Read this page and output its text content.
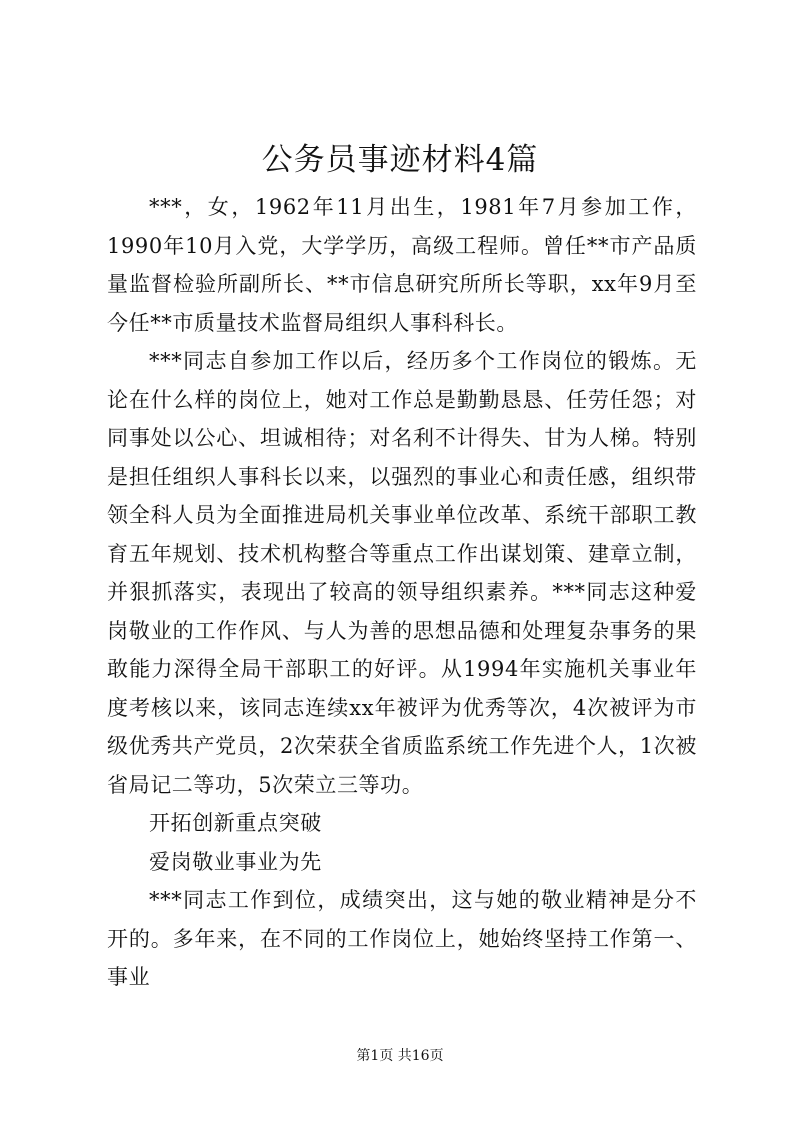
公务员事迹材料4篇

***，女，1962年11月出生，1981年7月参加工作，1990年10月入党，大学学历，高级工程师。曾任**市产品质量监督检验所副所长、**市信息研究所所长等职，xx年9月至今任**市质量技术监督局组织人事科科长。

***同志自参加工作以后，经历多个工作岗位的锻炼。无论在什么样的岗位上，她对工作总是勤勤恳恳、任劳任怨；对同事处以公心、坦诚相待；对名利不计得失、甘为人梯。特别是担任组织人事科长以来，以强烈的事业心和责任感，组织带领全科人员为全面推进局机关事业单位改革、系统干部职工教育五年规划、技术机构整合等重点工作出谋划策、建章立制，并狠抓落实，表现出了较高的领导组织素养。***同志这种爱岗敬业的工作作风、与人为善的思想品德和处理复杂事务的果敢能力深得全局干部职工的好评。从1994年实施机关事业年度考核以来，该同志连续xx年被评为优秀等次，4次被评为市级优秀共产党员，2次荣获全省质监系统工作先进个人，1次被省局记二等功，5次荣立三等功。

开拓创新重点突破

爱岗敬业事业为先

***同志工作到位，成绩突出，这与她的敬业精神是分不开的。多年来，在不同的工作岗位上，她始终坚持工作第一、事业

第1页 共16页
